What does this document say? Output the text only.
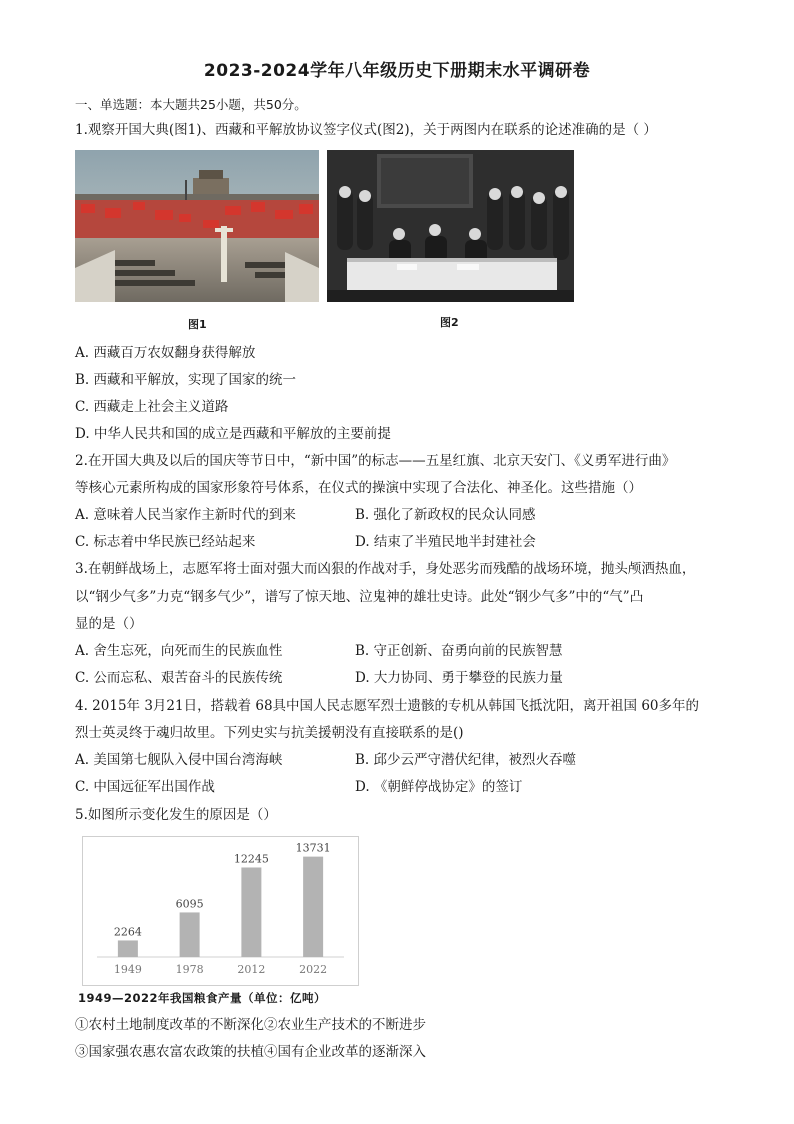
2023-2024学年八年级历史下册期末水平调研卷
一、单选题：本大题共25小题，共50分。
1.观察开国大典(图1)、西藏和平解放协议签字仪式(图2)，关于两图内在联系的论述准确的是（ ）
图1	图2
A. 西藏百万农奴翻身获得解放
B. 西藏和平解放，实现了国家的统一
C. 西藏走上社会主义道路
D. 中华人民共和国的成立是西藏和平解放的主要前提
2.在开国大典及以后的国庆等节日中，“新中国”的标志——五星红旗、北京天安门、《义勇军进行曲》
等核心元素所构成的国家形象符号体系，在仪式的操演中实现了合法化、神圣化。这些措施（）
A. 意味着人民当家作主新时代的到来	B. 强化了新政权的民众认同感
C. 标志着中华民族已经站起来	D. 结束了半殖民地半封建社会
3.在朝鲜战场上，志愿军将士面对强大而凶狠的作战对手，身处恶劣而残酷的战场环境，抛头颅洒热血，
以“钢少气多”力克“钢多气少”，谱写了惊天地、泣鬼神的雄壮史诗。此处“钢少气多”中的“气”凸
显的是（）
A. 舍生忘死，向死而生的民族血性	B. 守正创新、奋勇向前的民族智慧
C. 公而忘私、艰苦奋斗的民族传统	D. 大力协同、勇于攀登的民族力量
4. 2015年 3月21日，搭载着 68具中国人民志愿军烈士遗骸的专机从韩国飞抵沈阳，离开祖国 60多年的
烈士英灵终于魂归故里。下列史实与抗美援朝没有直接联系的是()
A. 美国第七舰队入侵中国台湾海峡	B. 邱少云严守潜伏纪律，被烈火吞噬
C. 中国远征军出国作战	D. 《朝鲜停战协定》的签订
5.如图所示变化发生的原因是（）
2264
1949
6095
1978
12245
2012
13731
2022
1949—2022年我国粮食产量（单位：亿吨）
①农村土地制度改革的不断深化②农业生产技术的不断进步
③国家强农惠农富农政策的扶植④国有企业改革的逐渐深入
